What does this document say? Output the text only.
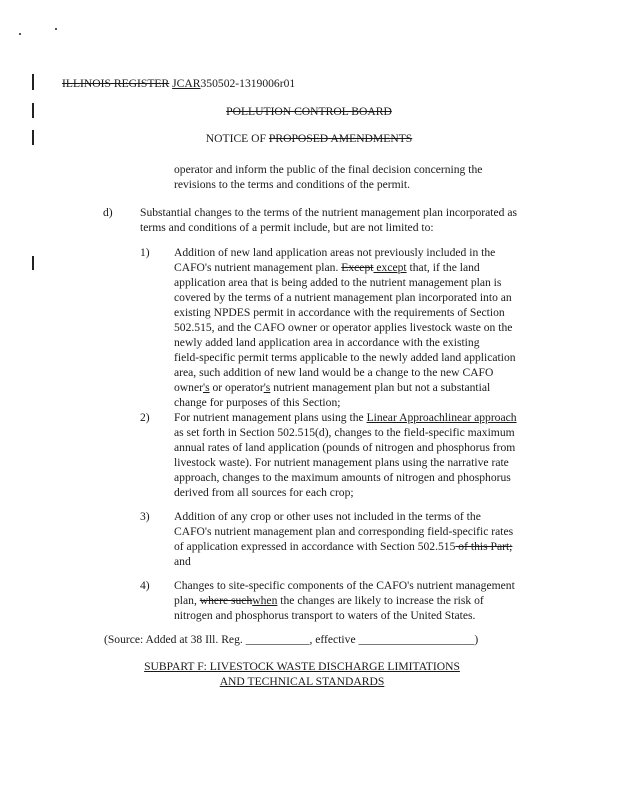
ILLINOIS REGISTER JCAR350502-1319006r01
POLLUTION CONTROL BOARD
NOTICE OF PROPOSED AMENDMENTS
operator and inform the public of the final decision concerning the
revisions to the terms and conditions of the permit.
d) Substantial changes to the terms of the nutrient management plan incorporated as
terms and conditions of a permit include, but are not limited to:
1) Addition of new land application areas not previously included in the
CAFO's nutrient management plan. Except except that, if the land
application area that is being added to the nutrient management plan is
covered by the terms of a nutrient management plan incorporated into an
existing NPDES permit in accordance with the requirements of Section
502.515, and the CAFO owner or operator applies livestock waste on the
newly added land application area in accordance with the existing
field-specific permit terms applicable to the newly added land application
area, such addition of new land would be a change to the new CAFO
owner's or operator's nutrient management plan but not a substantial
change for purposes of this Section;
2) For nutrient management plans using the Linear Approachlinear approach
as set forth in Section 502.515(d), changes to the field-specific maximum
annual rates of land application (pounds of nitrogen and phosphorus from
livestock waste). For nutrient management plans using the narrative rate
approach, changes to the maximum amounts of nitrogen and phosphorus
derived from all sources for each crop;
3) Addition of any crop or other uses not included in the terms of the
CAFO's nutrient management plan and corresponding field-specific rates
of application expressed in accordance with Section 502.515 of this Part;
and
4) Changes to site-specific components of the CAFO's nutrient management
plan, where suchwhen the changes are likely to increase the risk of
nitrogen and phosphorus transport to waters of the United States.
(Source: Added at 38 Ill. Reg. ___________, effective ____________________)
SUBPART F: LIVESTOCK WASTE DISCHARGE LIMITATIONS
AND TECHNICAL STANDARDS
